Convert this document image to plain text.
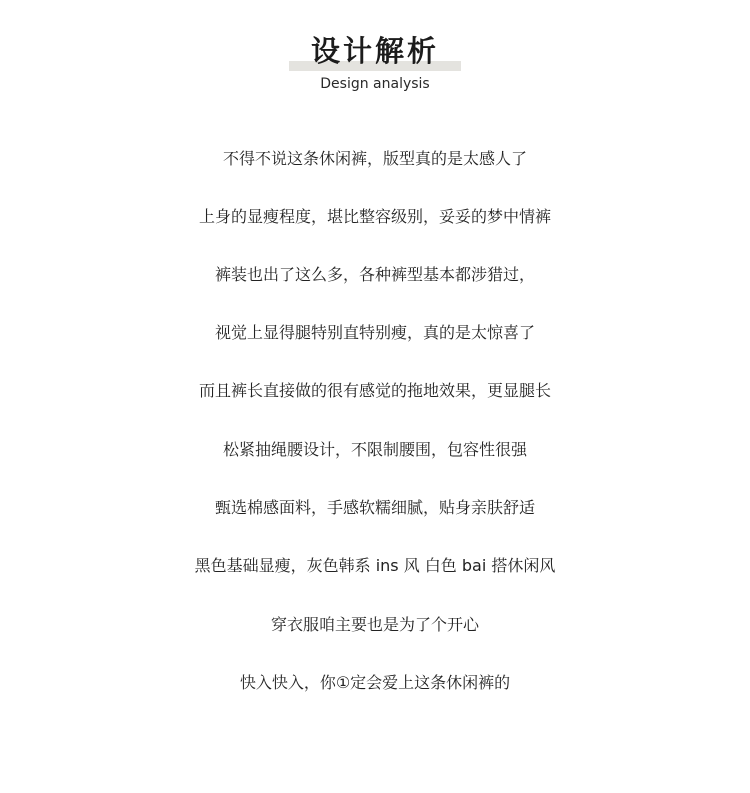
设计解析
Design analysis
不得不说这条休闲裤，版型真的是太感人了
上身的显瘦程度，堪比整容级别，妥妥的梦中情裤
裤装也出了这么多，各种裤型基本都涉猎过，
视觉上显得腿特别直特别瘦，真的是太惊喜了
而且裤长直接做的很有感觉的拖地效果，更显腿长
松紧抽绳腰设计，不限制腰围，包容性很强
甄选棉感面料，手感软糯细腻，贴身亲肤舒适
黑色基础显瘦，灰色韩系 ins 风 白色 bai 搭休闲风
穿衣服咱主要也是为了个开心
快入快入，你①定会爱上这条休闲裤的
